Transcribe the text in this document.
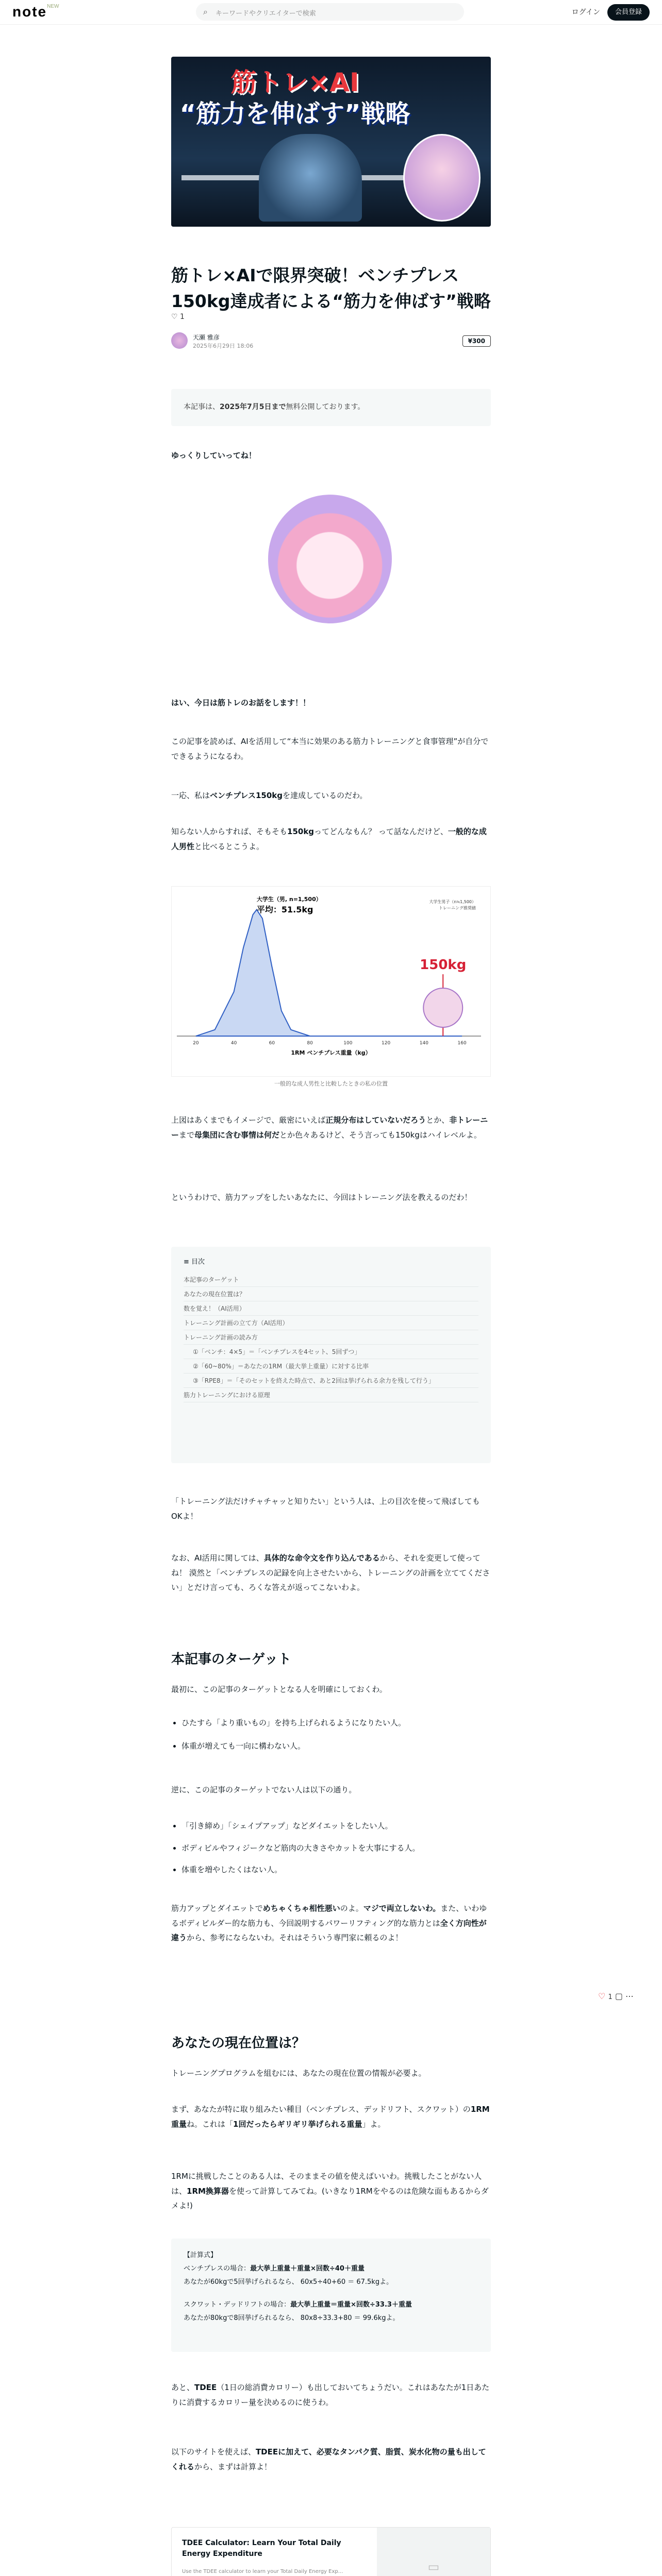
note$^{NEW}$
⌕ キーワードやクリエイターで検索	ログイン	会員登録
筋トレ×AI
“筋力を伸ばす”戦略
筋トレ×AIで限界突破！ベンチプレス150kg達成者による“筋力を伸ばす”戦略
♡ 1
天瀬 雅彦
2025年6月29日 18:06
¥300
本記事は、2025年7月5日まで無料公開しております。
ゆっくりしていってね！
はい、今日は筋トレのお話をします！！
この記事を読めば、AIを活用して“本当に効果のある筋力トレーニングと食事管理”が自分でできるようになるわ。
一応、私はベンチプレス150kgを達成しているのだわ。
知らない人からすれば、そもそも150kgってどんなもん？ って話なんだけど、一般的な成人男性と比べるとこうよ。
20	40	60	80	100	120	140	160
1RM ベンチプレス重量（kg）
大学生（男, n=1,500）
平均：51.5kg
150kg
大学生男子（n≒1,500）
トレーニング推奨値
一般的な成人男性と比較したときの私の位置
上図はあくまでもイメージで、厳密にいえば正規分布はしていないだろうとか、非トレーニーまで母集団に含む事情は何だとか色々あるけど、そう言っても150kgはハイレベルよ。
というわけで、筋力アップをしたいあなたに、今回はトレーニング法を教えるのだわ！
≡ 目次
本記事のターゲット
あなたの現在位置は？
数を覚え！（AI活用）
トレーニング計画の立て方（AI活用）
トレーニング計画の読み方
①「ベンチ：4×5」＝「ベンチプレスを4セット、5回ずつ」
②「60~80%」＝あなたの1RM（最大挙上重量）に対する比率
③「RPE8」＝「そのセットを終えた時点で、あと2回は挙げられる余力を残して行う」
筋力トレーニングにおける原理
「トレーニング法だけチャチャッと知りたい」という人は、上の目次を使って飛ばしてもOKよ！
なお、AI活用に関しては、具体的な命令文を作り込んであるから、それを変更して使ってね！ 漠然と「ベンチプレスの記録を向上させたいから、トレーニングの計画を立ててください」とだけ言っても、ろくな答えが返ってこないわよ。
本記事のターゲット
最初に、この記事のターゲットとなる人を明確にしておくわ。
• ひたすら「より重いもの」を持ち上げられるようになりたい人。
• 体重が増えても一向に構わない人。
逆に、この記事のターゲットでない人は以下の通り。
• 「引き締め」「シェイプアップ」などダイエットをしたい人。
• ボディビルやフィジークなど筋肉の大きさやカットを大事にする人。
• 体重を増やしたくはない人。
筋力アップとダイエットでめちゃくちゃ相性悪いのよ。マジで両立しないわ。また、いわゆるボディビルダー的な筋力も、今回説明するパワーリフティング的な筋力とは全く方向性が違うから、参考にならないわ。それはそういう専門家に頼るのよ！
♡ 1 ▢ ⋯
あなたの現在位置は？
トレーニングプログラムを組むには、あなたの現在位置の情報が必要よ。
まず、あなたが特に取り組みたい種目（ベンチプレス、デッドリフト、スクワット）の1RM重量ね。これは「1回だったらギリギリ挙げられる重量」よ。
1RMに挑戦したことのある人は、そのままその値を使えばいいわ。挑戦したことがない人は、1RM換算器を使って計算してみてね。(いきなり1RMをやるのは危険な面もあるからダメよ!)
【計算式】
ベンチプレスの場合：最大挙上重量＋重量×回数÷40＋重量
あなたが60kgで5回挙げられるなら、 60x5÷40+60 ＝ 67.5kgよ。
スクワット・デッドリフトの場合：最大挙上重量＝重量×回数÷33.3＋重量
あなたが80kgで8回挙げられるなら、 80x8÷33.3+80 ＝ 99.6kgよ。
あと、TDEE（1日の総消費カロリー）も出しておいてちょうだい。これはあなたが1日あたりに消費するカロリー量を決めるのに使うわ。
以下のサイトを使えば、TDEEに加えて、必要なタンパク質、脂質、炭水化物の量も出してくれるから、まずは計算よ！
TDEE Calculator: Learn Your Total Daily Energy Expenditure
Use the TDEE calculator to learn your Total Daily Energy Exp...	▭
